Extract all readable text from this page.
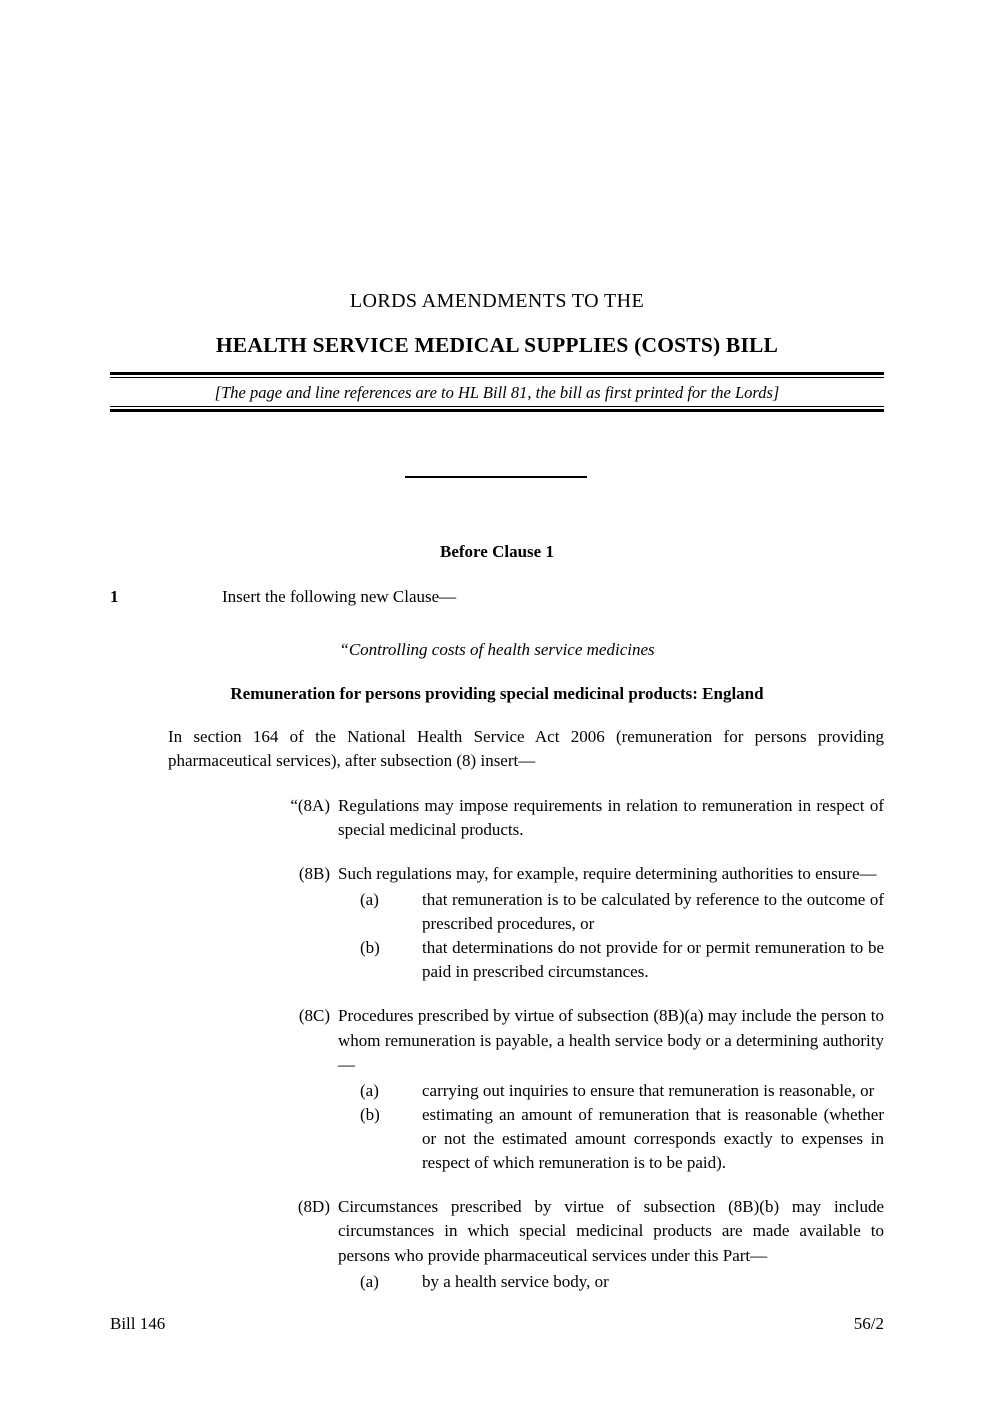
LORDS AMENDMENTS TO THE
HEALTH SERVICE MEDICAL SUPPLIES (COSTS) BILL
[The page and line references are to HL Bill 81, the bill as first printed for the Lords]
Before Clause 1
1	Insert the following new Clause—

“Controlling costs of health service medicines
Remuneration for persons providing special medicinal products: England

In section 164 of the National Health Service Act 2006 (remuneration for persons providing pharmaceutical services), after subsection (8) insert—

“(8A) Regulations may impose requirements in relation to remuneration in respect of special medicinal products.

(8B) Such regulations may, for example, require determining authorities to ensure—

(a)	that remuneration is to be calculated by reference to the outcome of prescribed procedures, or

(b)	that determinations do not provide for or permit remuneration to be paid in prescribed circumstances.

(8C) Procedures prescribed by virtue of subsection (8B)(a) may include the person to whom remuneration is payable, a health service body or a determining authority—

(a)	carrying out inquiries to ensure that remuneration is reasonable, or

(b)	estimating an amount of remuneration that is reasonable (whether or not the estimated amount corresponds exactly to expenses in respect of which remuneration is to be paid).

(8D) Circumstances prescribed by virtue of subsection (8B)(b) may include circumstances in which special medicinal products are made available to persons who provide pharmaceutical services under this Part—

(a)	by a health service body, or

Bill 146	56/2
